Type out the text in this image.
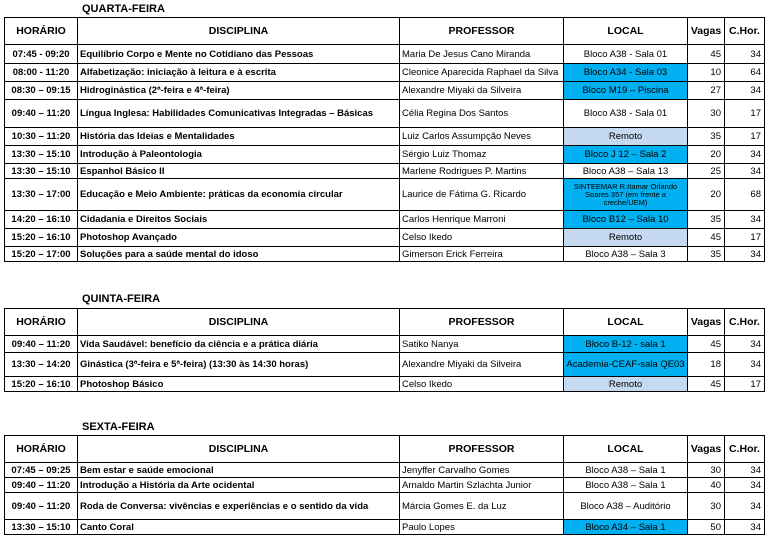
QUARTA-FEIRA
HORÁRIO	DISCIPLINA	PROFESSOR	LOCAL	Vagas	C.Hor.
07:45 - 09:20	Equilíbrio Corpo e Mente no Cotidiano das Pessoas	Maria De Jesus Cano Miranda	Bloco A38 - Sala 01	45	34
08:00 - 11:20	Alfabetização: iniciação à leitura e à escrita	Cleonice Aparecida Raphael da Silva	Bloco A34 - Sala 03	10	64
08:30 – 09:15	Hidroginástica (2ª-feira e 4ª-feira)	Alexandre Miyaki da Silveira	Bloco M19 – Piscina	27	34
09:40 – 11:20	Língua Inglesa: Habilidades Comunicativas Integradas – Básicas	Célia Regina Dos Santos	Bloco A38 - Sala 01	30	17
10:30 – 11:20	História das Ideias e Mentalidades	Luiz Carlos Assumpção Neves	Remoto	35	17
13:30 – 15:10	Introdução à Paleontologia	Sérgio Luiz Thomaz	Bloco J 12 – Sala 2	20	34
13:30 – 15:10	Espanhol Básico II	Marlene Rodrigues P. Martins	Bloco A38 – Sala 13	25	34
13:30 – 17:00	Educação e Meio Ambiente: práticas da economia circular	Laurice de Fátima G. Ricardo	SINTEEMAR R.Itamar Orlando Soares 357 (em frente a creche/UEM)	20	68
14:20 – 16:10	Cidadania e Direitos Sociais	Carlos Henrique Marroni	Bloco B12 – Sala 10	35	34
15:20 – 16:10	Photoshop Avançado	Celso Ikedo	Remoto	45	17
15:20 – 17:00	Soluções para a saúde mental do idoso	Gimerson Erick Ferreira	Bloco A38 – Sala 3	35	34
QUINTA-FEIRA
HORÁRIO	DISCIPLINA	PROFESSOR	LOCAL	Vagas	C.Hor.
09:40 – 11:20	Vida Saudável: benefício da ciência e a prática diária	Satiko Nanya	Bloco B-12 - sala 1	45	34
13:30 – 14:20	Ginástica (3ª-feira e 5ª-feira) (13:30 às 14:30 horas)	Alexandre Miyaki da Silveira	Academia-CEAF-sala QE03	18	34
15:20 – 16:10	Photoshop Básico	Celso Ikedo	Remoto	45	17
SEXTA-FEIRA
HORÁRIO	DISCIPLINA	PROFESSOR	LOCAL	Vagas	C.Hor.
07:45 – 09:25	Bem estar e saúde emocional	Jenyffer Carvalho Gomes	Bloco A38 – Sala 1	30	34
09:40 – 11:20	Introdução a História da Arte ocidental	Arnaldo Martin Szlachta Junior	Bloco A38 – Sala 1	40	34
09:40 – 11:20	Roda de Conversa: vivências e experiências e o sentido da vida	Márcia Gomes E. da Luz	Bloco A38 – Auditório	30	34
13:30 – 15:10	Canto Coral	Paulo Lopes	Bloco A34 – Sala 1	50	34
